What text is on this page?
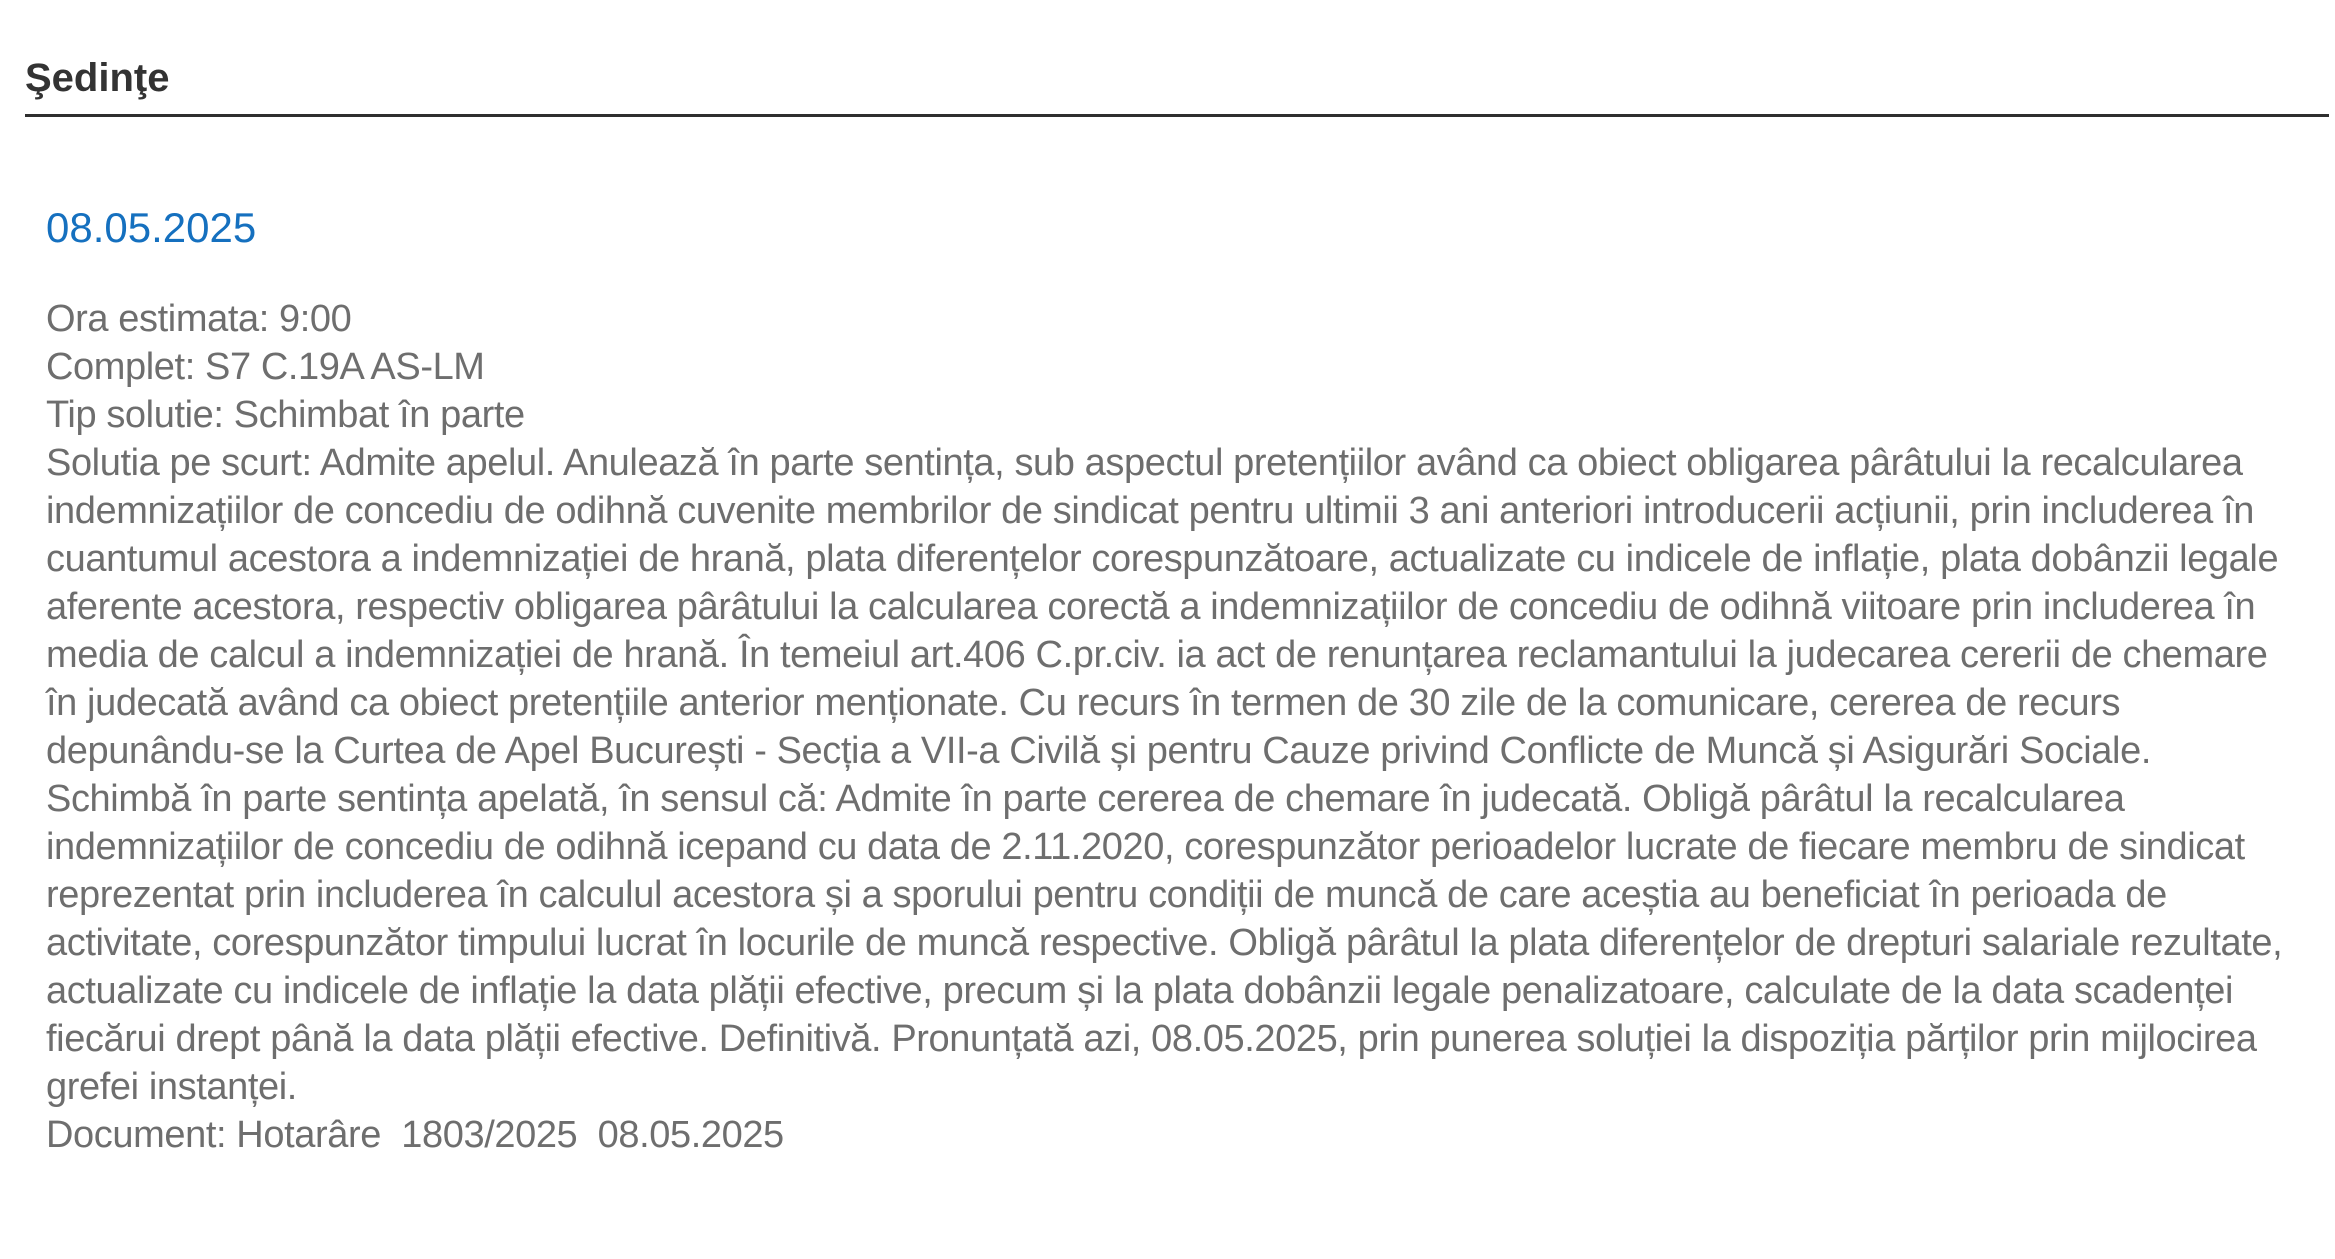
Şedinţe
08.05.2025
Ora estimata: 9:00
Complet: S7 C.19A AS-LM
Tip solutie: Schimbat în parte
Solutia pe scurt: Admite apelul. Anulează în parte sentința, sub aspectul pretențiilor având ca obiect obligarea pârâtului la recalcularea indemnizațiilor de concediu de odihnă cuvenite membrilor de sindicat pentru ultimii 3 ani anteriori introducerii acțiunii, prin includerea în cuantumul acestora a indemnizației de hrană, plata diferențelor corespunzătoare, actualizate cu indicele de inflație, plata dobânzii legale aferente acestora, respectiv obligarea pârâtului la calcularea corectă a indemnizațiilor de concediu de odihnă viitoare prin includerea în media de calcul a indemnizației de hrană. În temeiul art.406 C.pr.civ. ia act de renunțarea reclamantului la judecarea cererii de chemare în judecată având ca obiect pretențiile anterior menționate. Cu recurs în termen de 30 zile de la comunicare, cererea de recurs depunându-se la Curtea de Apel București - Secția a VII-a Civilă și pentru Cauze privind Conflicte de Muncă și Asigurări Sociale. Schimbă în parte sentința apelată, în sensul că: Admite în parte cererea de chemare în judecată. Obligă pârâtul la recalcularea indemnizațiilor de concediu de odihnă icepand cu data de 2.11.2020, corespunzător perioadelor lucrate de fiecare membru de sindicat reprezentat prin includerea în calculul acestora și a sporului pentru condiții de muncă de care aceștia au beneficiat în perioada de activitate, corespunzător timpului lucrat în locurile de muncă respective. Obligă pârâtul la plata diferențelor de drepturi salariale rezultate, actualizate cu indicele de inflație la data plății efective, precum și la plata dobânzii legale penalizatoare, calculate de la data scadenței fiecărui drept până la data plății efective. Definitivă. Pronunțată azi, 08.05.2025, prin punerea soluției la dispoziția părților prin mijlocirea grefei instanței.
Document: Hotarâre  1803/2025  08.05.2025
